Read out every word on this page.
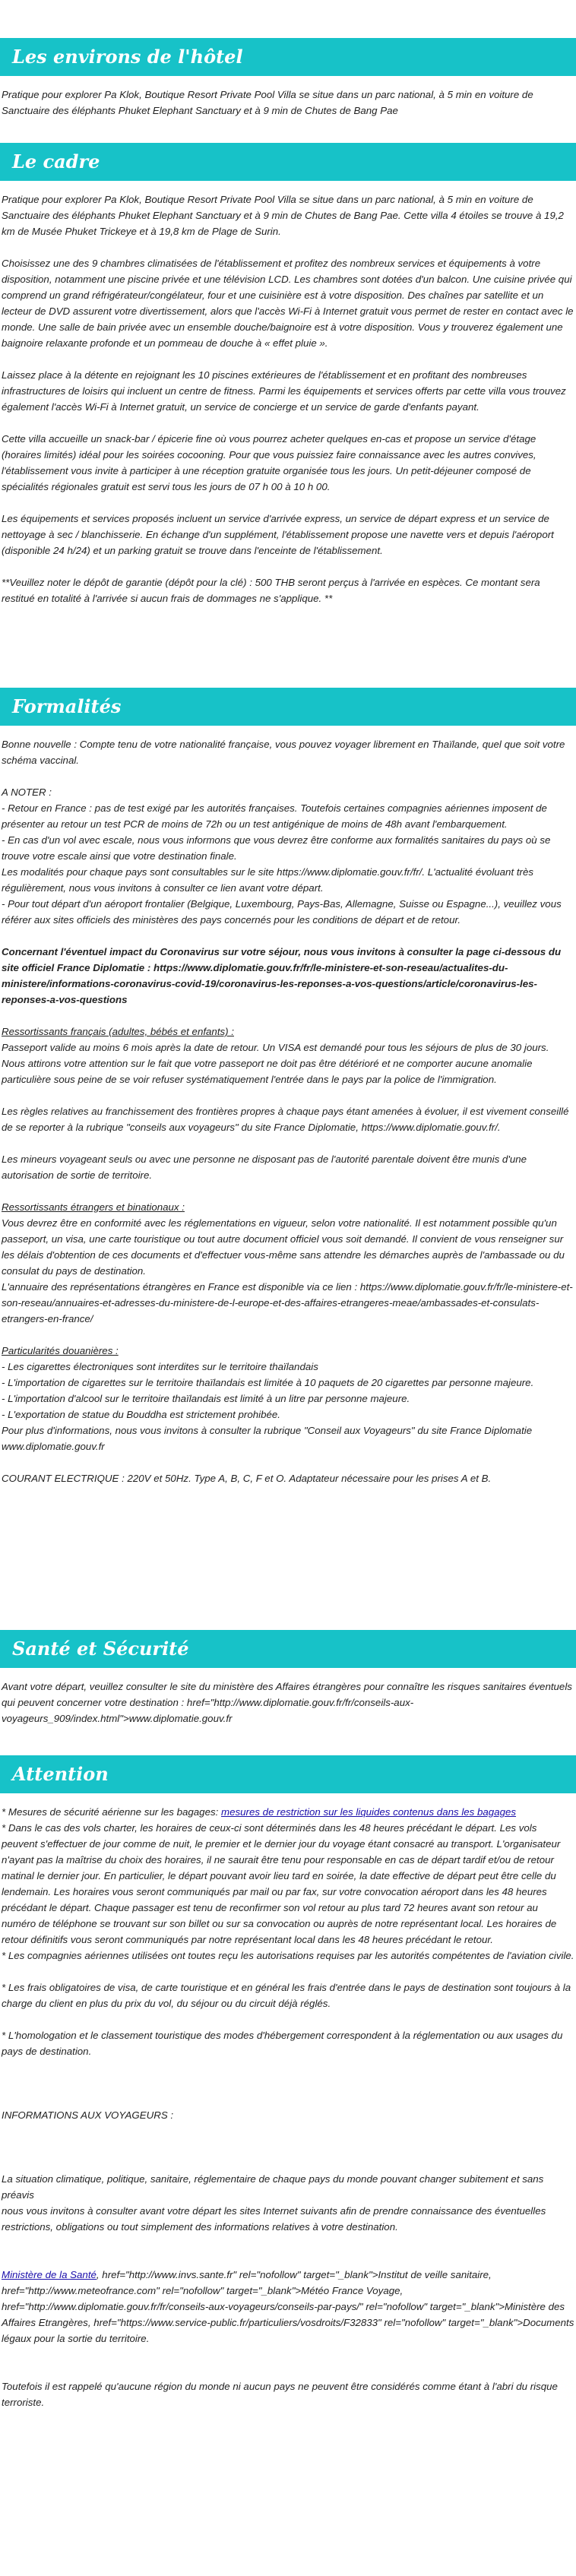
Les environs de l'hôtel

Pratique pour explorer Pa Klok, Boutique Resort Private Pool Villa se situe dans un parc national, à 5 min en voiture de Sanctuaire des éléphants Phuket Elephant Sanctuary et à 9 min de Chutes de Bang Pae

Le cadre

Pratique pour explorer Pa Klok, Boutique Resort Private Pool Villa se situe dans un parc national, à 5 min en voiture de Sanctuaire des éléphants Phuket Elephant Sanctuary et à 9 min de Chutes de Bang Pae. Cette villa 4 étoiles se trouve à 19,2 km de Musée Phuket Trickeye et à 19,8 km de Plage de Surin.

Choisissez une des 9 chambres climatisées de l'établissement et profitez des nombreux services et équipements à votre disposition, notamment une piscine privée et une télévision LCD. Les chambres sont dotées d'un balcon. Une cuisine privée qui comprend un grand réfrigérateur/congélateur, four et une cuisinière est à votre disposition. Des chaînes par satellite et un lecteur de DVD assurent votre divertissement, alors que l'accès Wi-Fi à Internet gratuit vous permet de rester en contact avec le monde. Une salle de bain privée avec un ensemble douche/baignoire est à votre disposition. Vous y trouverez également une baignoire relaxante profonde et un pommeau de douche à « effet pluie ».

Laissez place à la détente en rejoignant les 10 piscines extérieures de l'établissement et en profitant des nombreuses infrastructures de loisirs qui incluent un centre de fitness. Parmi les équipements et services offerts par cette villa vous trouvez également l'accès Wi-Fi à Internet gratuit, un service de concierge et un service de garde d'enfants payant.

Cette villa accueille un snack-bar / épicerie fine où vous pourrez acheter quelques en-cas et propose un service d'étage (horaires limités) idéal pour les soirées cocooning. Pour que vous puissiez faire connaissance avec les autres convives, l'établissement vous invite à participer à une réception gratuite organisée tous les jours. Un petit-déjeuner composé de spécialités régionales gratuit est servi tous les jours de 07 h 00 à 10 h 00.

Les équipements et services proposés incluent un service d'arrivée express, un service de départ express et un service de nettoyage à sec / blanchisserie. En échange d'un supplément, l'établissement propose une navette vers et depuis l'aéroport (disponible 24 h/24) et un parking gratuit se trouve dans l'enceinte de l'établissement.

**Veuillez noter le dépôt de garantie (dépôt pour la clé) : 500 THB seront perçus à l'arrivée en espèces. Ce montant sera restitué en totalité à l'arrivée si aucun frais de dommages ne s'applique. **

Formalités

Bonne nouvelle : Compte tenu de votre nationalité française, vous pouvez voyager librement en Thaïlande, quel que soit votre schéma vaccinal.

A NOTER :
- Retour en France : pas de test exigé par les autorités françaises. Toutefois certaines compagnies aériennes imposent de présenter au retour un test PCR de moins de 72h ou un test antigénique de moins de 48h avant l'embarquement.
- En cas d'un vol avec escale, nous vous informons que vous devrez être conforme aux formalités sanitaires du pays où se trouve votre escale ainsi que votre destination finale.
Les modalités pour chaque pays sont consultables sur le site https://www.diplomatie.gouv.fr/fr/. L'actualité évoluant très régulièrement, nous vous invitons à consulter ce lien avant votre départ.
- Pour tout départ d'un aéroport frontalier (Belgique, Luxembourg, Pays-Bas, Allemagne, Suisse ou Espagne...), veuillez vous référer aux sites officiels des ministères des pays concernés pour les conditions de départ et de retour.

Concernant l'éventuel impact du Coronavirus sur votre séjour, nous vous invitons à consulter la page ci-dessous du site officiel France Diplomatie : https://www.diplomatie.gouv.fr/fr/le-ministere-et-son-reseau/actualites-du-ministere/informations-coronavirus-covid-19/coronavirus-les-reponses-a-vos-questions/article/coronavirus-les-reponses-a-vos-questions

Ressortissants français (adultes, bébés et enfants) :

Passeport valide au moins 6 mois après la date de retour. Un VISA est demandé pour tous les séjours de plus de 30 jours. Nous attirons votre attention sur le fait que votre passeport ne doit pas être détérioré et ne comporter aucune anomalie particulière sous peine de se voir refuser systématiquement l'entrée dans le pays par la police de l'immigration.

Les règles relatives au franchissement des frontières propres à chaque pays étant amenées à évoluer, il est vivement conseillé de se reporter à la rubrique "conseils aux voyageurs" du site France Diplomatie, https://www.diplomatie.gouv.fr/.

Les mineurs voyageant seuls ou avec une personne ne disposant pas de l'autorité parentale doivent être munis d'une autorisation de sortie de territoire.

Ressortissants étrangers et binationaux :
Vous devrez être en conformité avec les réglementations en vigueur, selon votre nationalité. Il est notamment possible qu'un passeport, un visa, une carte touristique ou tout autre document officiel vous soit demandé. Il convient de vous renseigner sur les délais d'obtention de ces documents et d'effectuer vous-même sans attendre les démarches auprès de l'ambassade ou du consulat du pays de destination.

L'annuaire des représentations étrangères en France est disponible via ce lien : https://www.diplomatie.gouv.fr/fr/le-ministere-et-son-reseau/annuaires-et-adresses-du-ministere-de-l-europe-et-des-affaires-etrangeres-meae/ambassades-et-consulats-etrangers-en-france/

Particularités douanières :
- Les cigarettes électroniques sont interdites sur le territoire thaïlandais
- L'importation de cigarettes sur le territoire thaïlandais est limitée à 10 paquets de 20 cigarettes par personne majeure.
- L'importation d'alcool sur le territoire thaïlandais est limité à un litre par personne majeure.
- L'exportation de statue du Bouddha est strictement prohibée.
Pour plus d'informations, nous vous invitons à consulter la rubrique "Conseil aux Voyageurs" du site France Diplomatie www.diplomatie.gouv.fr

COURANT ELECTRIQUE : 220V et 50Hz. Type A, B, C, F et O. Adaptateur nécessaire pour les prises A et B.

Santé et Sécurité

Avant votre départ, veuillez consulter le site du ministère des Affaires étrangères pour connaître les risques sanitaires éventuels qui peuvent concerner votre destination : href="http://www.diplomatie.gouv.fr/fr/conseils-aux-voyageurs_909/index.html">www.diplomatie.gouv.fr

Attention
* Mesures de sécurité aérienne sur les bagages: mesures de restriction sur les liquides contenus dans les bagages
* Dans le cas des vols charter, les horaires de ceux-ci sont déterminés dans les 48 heures précédant le départ. Les vols peuvent s'effectuer de jour comme de nuit, le premier et le dernier jour du voyage étant consacré au transport. L'organisateur n'ayant pas la maîtrise du choix des horaires, il ne saurait être tenu pour responsable en cas de départ tardif et/ou de retour matinal le dernier jour. En particulier, le départ pouvant avoir lieu tard en soirée, la date effective de départ peut être celle du lendemain. Les horaires vous seront communiqués par mail ou par fax, sur votre convocation aéroport dans les 48 heures précédant le départ. Chaque passager est tenu de reconfirmer son vol retour au plus tard 72 heures avant son retour au numéro de téléphone se trouvant sur son billet ou sur sa convocation ou auprès de notre représentant local. Les horaires de retour définitifs vous seront communiqués par notre représentant local dans les 48 heures précédant le retour.

* Les compagnies aériennes utilisées ont toutes reçu les autorisations requises par les autorités compétentes de l'aviation civile.

* Les frais obligatoires de visa, de carte touristique et en général les frais d'entrée dans le pays de destination sont toujours à la charge du client en plus du prix du vol, du séjour ou du circuit déjà réglés.

* L'homologation et le classement touristique des modes d'hébergement correspondent à la réglementation ou aux usages du pays de destination.

INFORMATIONS AUX VOYAGEURS :

La situation climatique, politique, sanitaire, réglementaire de chaque pays du monde pouvant changer subitement et sans préavis

nous vous invitons à consulter avant votre départ les sites Internet suivants afin de prendre connaissance des éventuelles restrictions, obligations ou tout simplement des informations relatives à votre destination.

Ministère de la Santé, href="http://www.invs.sante.fr" rel="nofollow" target="_blank">Institut de veille sanitaire, href="http://www.meteofrance.com" rel="nofollow" target="_blank">Météo France Voyage, href="http://www.diplomatie.gouv.fr/fr/conseils-aux-voyageurs/conseils-par-pays/" rel="nofollow" target="_blank">Ministère des Affaires Etrangères, href="https://www.service-public.fr/particuliers/vosdroits/F32833" rel="nofollow" target="_blank">Documents légaux pour la sortie du territoire.

Toutefois il est rappelé qu'aucune région du monde ni aucun pays ne peuvent être considérés comme étant à l'abri du risque terroriste.
